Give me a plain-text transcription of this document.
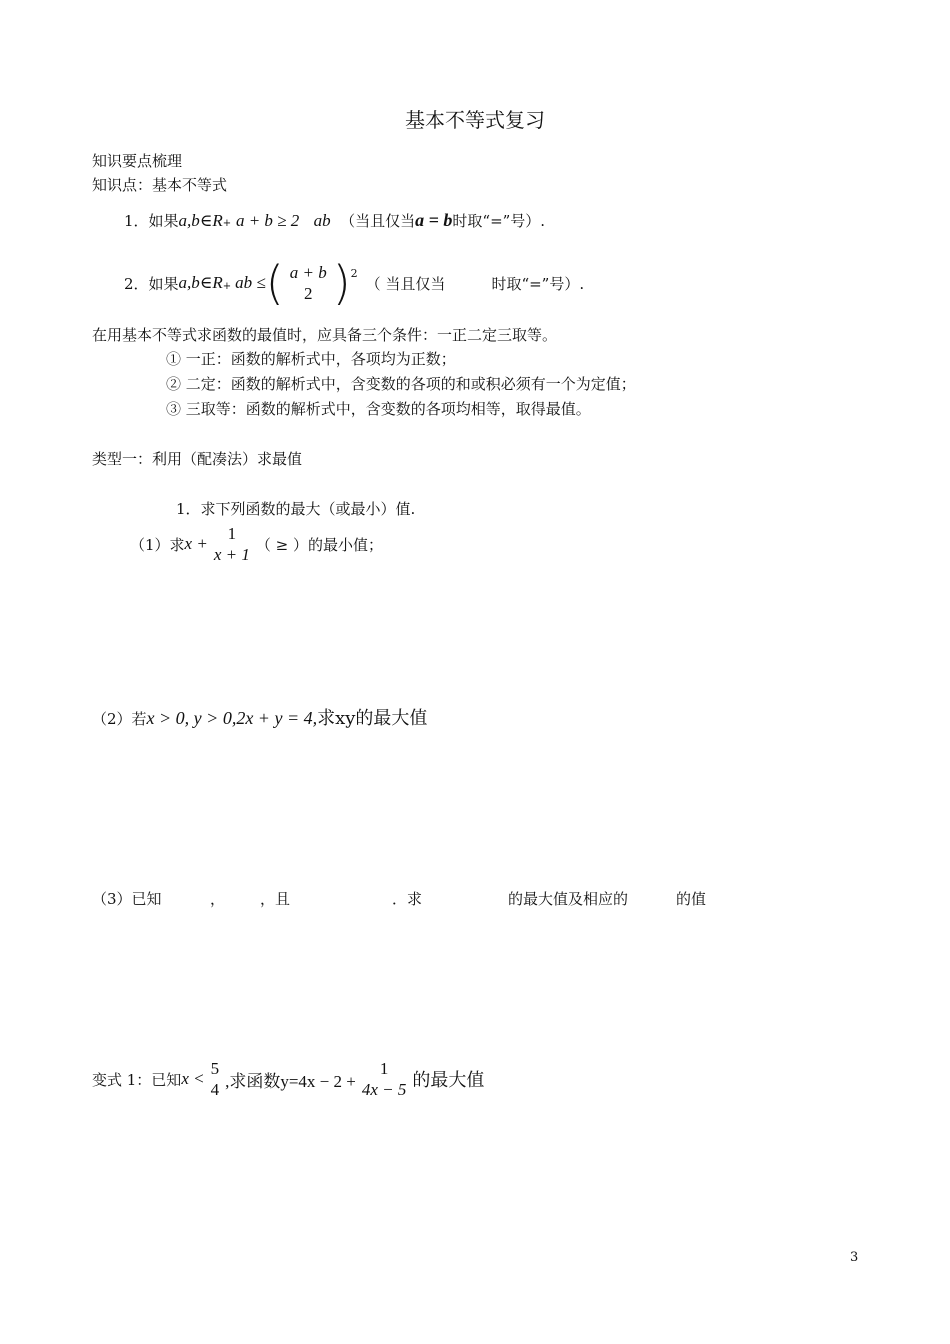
基本不等式复习
知识要点梳理
知识点：基本不等式
1．如果a,b∈R+ a + b ≥ 2 ab （当且仅当a = b时取“=”号）.
2．如果 a,b ∈ R + ab ≤ ( a + b
2 ) 2
（ 当且仅当	时取“=”号）.
在用基本不等式求函数的最值时，应具备三个条件：一正二定三取等。
① 一正：函数的解析式中，各项均为正数；
② 二定：函数的解析式中，含变数的各项的和或积必须有一个为定值；
③ 三取等：函数的解析式中，含变数的各项均相等，取得最值。
类型一：利用（配凑法）求最值
1．求下列函数的最大（或最小）值.
（1）求 x +
1
x + 1 （ ≥ ） 的最小值；
（2）若x > 0, y > 0,2x + y = 4,求xy的最大值
（3）已知	， ，且	．求	的最大值及相应的	的值
变式 1：已知 x <
5
4 ,求函数y=4x − 2 +
1
4x − 5 的最大值
3
